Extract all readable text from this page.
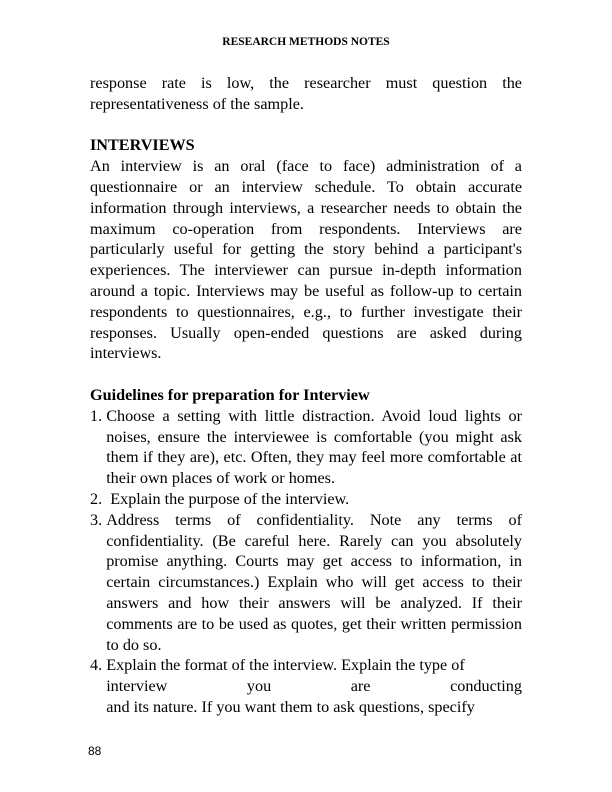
RESEARCH METHODS NOTES

response rate is low, the researcher must question the representativeness of the sample.

INTERVIEWS

An interview is an oral (face to face) administration of a questionnaire or an interview schedule. To obtain accurate information through interviews, a researcher needs to obtain the maximum co-operation from respondents. Interviews are particularly useful for getting the story behind a participant's experiences. The interviewer can pursue in-depth information around a topic. Interviews may be useful as follow-up to certain respondents to questionnaires, e.g., to further investigate their responses. Usually open-ended questions are asked during interviews.

Guidelines for preparation for Interview

1. Choose a setting with little distraction. Avoid loud lights or noises, ensure the interviewee is comfortable (you might ask them if they are), etc. Often, they may feel more comfortable at their own places of work or homes.

2. Explain the purpose of the interview.

3. Address terms of confidentiality. Note any terms of confidentiality. (Be careful here. Rarely can you absolutely promise anything. Courts may get access to information, in certain circumstances.) Explain who will get access to their answers and how their answers will be analyzed. If their comments are to be used as quotes, get their written permission to do so.

4. Explain the format of the interview. Explain the type of
interview	you	are	conducting
and its nature. If you want them to ask questions, specify
88
